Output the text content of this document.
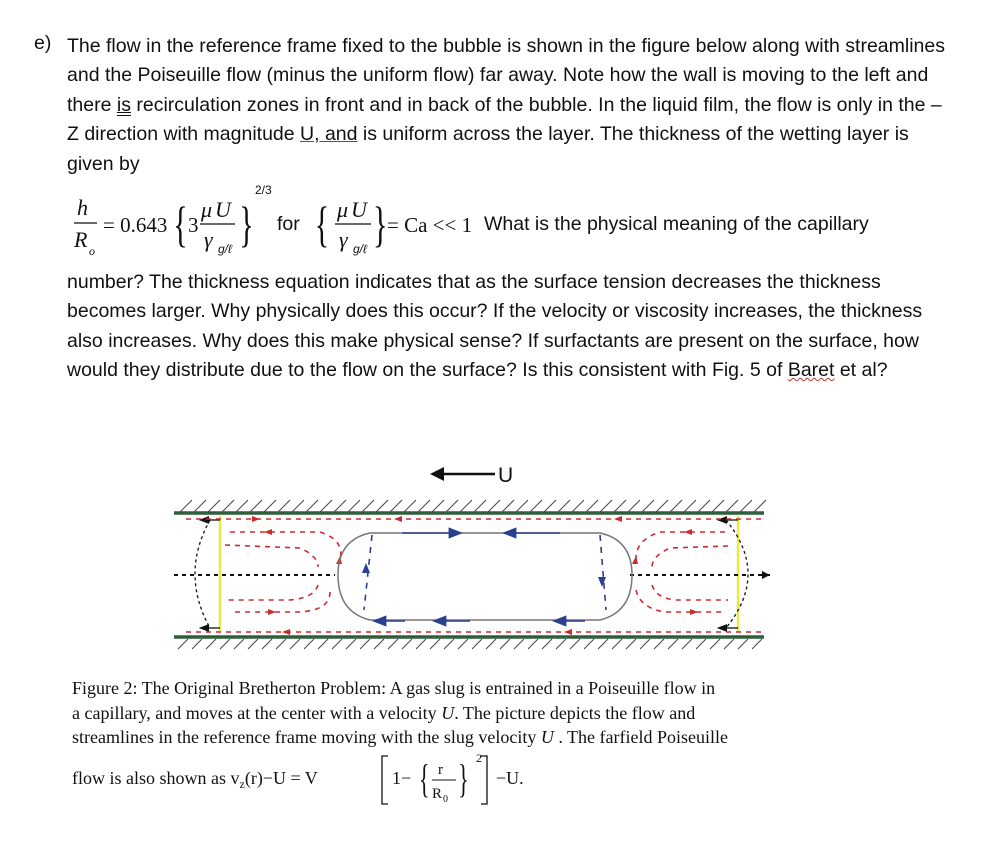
e) The flow in the reference frame fixed to the bubble is shown in the figure below along with streamlines and the Poiseuille flow (minus the uniform flow) far away. Note how the wall is moving to the left and there is recirculation zones in front and in back of the bubble. In the liquid film, the flow is only in the – Z direction with magnitude U, and is uniform across the layer. The thickness of the wetting layer is given by
h
R o
= 0.643 { 3
μ U
γ g/ℓ }
2/3
for { μ U
γ g/ℓ } = Ca << 1 What is the physical meaning of the capillary
number? The thickness equation indicates that as the surface tension decreases the thickness becomes larger. Why physically does this occur? If the velocity or viscosity increases, the thickness also increases. Why does this make physical sense? If surfactants are present on the surface, how would they distribute due to the flow on the surface? Is this consistent with Fig. 5 of Baret et al?
U
Figure 2: The Original Bretherton Problem: A gas slug is entrained in a Poiseuille flow in
a capillary, and moves at the center with a velocity U. The picture depicts the flow and
streamlines in the reference frame moving with the slug velocity U . The farfield Poiseuille
flow is also shown as $v_z(r)-U = V$	1− { r
R 0 } 2
−U.
